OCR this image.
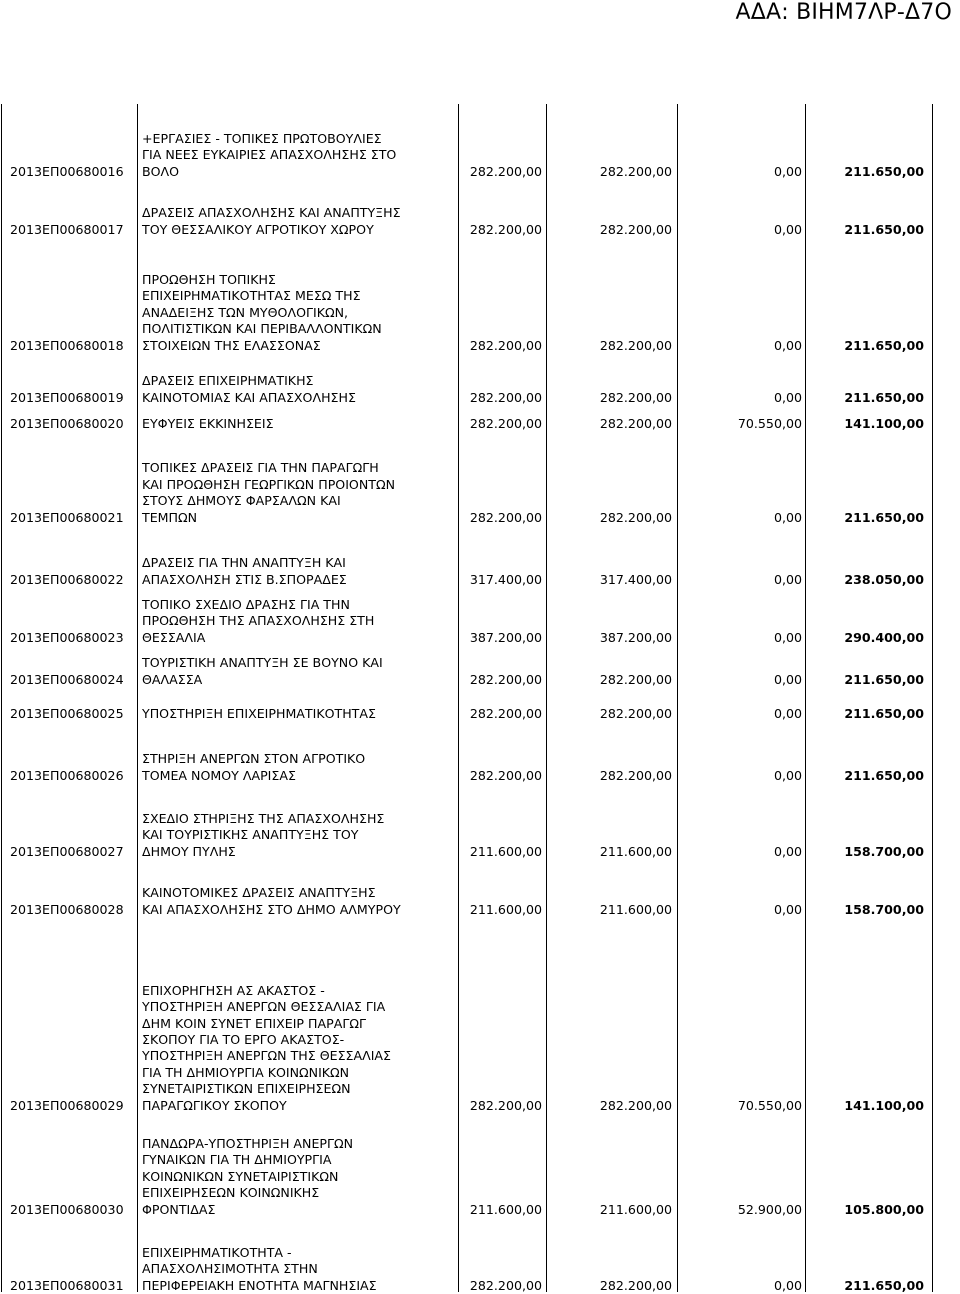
ΑΔΑ: ΒΙΗΜ7ΛΡ-Δ7Ο
2013ΕΠ00680016
+ΕΡΓΑΣΙΕΣ - ΤΟΠΙΚΕΣ ΠΡΩΤΟΒΟΥΛΙΕΣ
ΓΙΑ ΝΕΕΣ ΕΥΚΑΙΡΙΕΣ ΑΠΑΣΧΟΛΗΣΗΣ ΣΤΟ
ΒΟΛΟ	282.200,00	282.200,00	0,00	211.650,00
2013ΕΠ00680017
ΔΡΑΣΕΙΣ ΑΠΑΣΧΟΛΗΣΗΣ ΚΑΙ ΑΝΑΠΤΥΞΗΣ
ΤΟΥ ΘΕΣΣΑΛΙΚΟΥ ΑΓΡΟΤΙΚΟΥ ΧΩΡΟΥ	282.200,00	282.200,00	0,00	211.650,00
2013ΕΠ00680018
ΠΡΟΩΘΗΣΗ ΤΟΠΙΚΗΣ
ΕΠΙΧΕΙΡΗΜΑΤΙΚΟΤΗΤΑΣ ΜΕΣΩ ΤΗΣ
ΑΝΑΔΕΙΞΗΣ ΤΩΝ ΜΥΘΟΛΟΓΙΚΩΝ,
ΠΟΛΙΤΙΣΤΙΚΩΝ ΚΑΙ ΠΕΡΙΒΑΛΛΟΝΤΙΚΩΝ
ΣΤΟΙΧΕΙΩΝ ΤΗΣ ΕΛΑΣΣΟΝΑΣ	282.200,00	282.200,00	0,00	211.650,00
2013ΕΠ00680019
ΔΡΑΣΕΙΣ ΕΠΙΧΕΙΡΗΜΑΤΙΚΗΣ
ΚΑΙΝΟΤΟΜΙΑΣ ΚΑΙ ΑΠΑΣΧΟΛΗΣΗΣ	282.200,00	282.200,00	0,00	211.650,00
2013ΕΠ00680020	ΕΥΦΥΕΙΣ ΕΚΚΙΝΗΣΕΙΣ	282.200,00	282.200,00	70.550,00	141.100,00
2013ΕΠ00680021
ΤΟΠΙΚΕΣ ΔΡΑΣΕΙΣ ΓΙΑ ΤΗΝ ΠΑΡΑΓΩΓΗ
ΚΑΙ ΠΡΟΩΘΗΣΗ ΓΕΩΡΓΙΚΩΝ ΠΡΟΙΟΝΤΩΝ
ΣΤΟΥΣ ΔΗΜΟΥΣ ΦΑΡΣΑΛΩΝ ΚΑΙ
ΤΕΜΠΩΝ	282.200,00	282.200,00	0,00	211.650,00
2013ΕΠ00680022
ΔΡΑΣΕΙΣ ΓΙΑ ΤΗΝ ΑΝΑΠΤΥΞΗ ΚΑΙ
ΑΠΑΣΧΟΛΗΣΗ ΣΤΙΣ Β.ΣΠΟΡΑΔΕΣ	317.400,00	317.400,00	0,00	238.050,00
2013ΕΠ00680023
ΤΟΠΙΚΟ ΣΧΕΔΙΟ ΔΡΑΣΗΣ ΓΙΑ ΤΗΝ
ΠΡΟΩΘΗΣΗ ΤΗΣ ΑΠΑΣΧΟΛΗΣΗΣ ΣΤΗ
ΘΕΣΣΑΛΙΑ	387.200,00	387.200,00	0,00	290.400,00
2013ΕΠ00680024
ΤΟΥΡΙΣΤΙΚΗ ΑΝΑΠΤΥΞΗ ΣΕ ΒΟΥΝΟ ΚΑΙ
ΘΑΛΑΣΣΑ	282.200,00	282.200,00	0,00	211.650,00
2013ΕΠ00680025	ΥΠΟΣΤΗΡΙΞΗ ΕΠΙΧΕΙΡΗΜΑΤΙΚΟΤΗΤΑΣ	282.200,00	282.200,00	0,00	211.650,00
2013ΕΠ00680026
ΣΤΗΡΙΞΗ ΑΝΕΡΓΩΝ ΣΤΟΝ ΑΓΡΟΤΙΚΟ
ΤΟΜΕΑ ΝΟΜΟΥ ΛΑΡΙΣΑΣ	282.200,00	282.200,00	0,00	211.650,00
2013ΕΠ00680027
ΣΧΕΔΙΟ ΣΤΗΡΙΞΗΣ ΤΗΣ ΑΠΑΣΧΟΛΗΣΗΣ
ΚΑΙ ΤΟΥΡΙΣΤΙΚΗΣ ΑΝΑΠΤΥΞΗΣ ΤΟΥ
ΔΗΜΟΥ ΠΥΛΗΣ	211.600,00	211.600,00	0,00	158.700,00
2013ΕΠ00680028
ΚΑΙΝΟΤΟΜΙΚΕΣ ΔΡΑΣΕΙΣ ΑΝΑΠΤΥΞΗΣ
ΚΑΙ ΑΠΑΣΧΟΛΗΣΗΣ ΣΤΟ ΔΗΜΟ ΑΛΜΥΡΟΥ	211.600,00	211.600,00	0,00	158.700,00
2013ΕΠ00680029
ΕΠΙΧΟΡΗΓΗΣΗ ΑΣ ΑΚΑΣΤΟΣ -
ΥΠΟΣΤΗΡΙΞΗ ΑΝΕΡΓΩΝ ΘΕΣΣΑΛΙΑΣ ΓΙΑ
ΔΗΜ ΚΟΙΝ ΣΥΝΕΤ ΕΠΙΧΕΙΡ ΠΑΡΑΓΩΓ
ΣΚΟΠΟΥ ΓΙΑ ΤΟ ΕΡΓΟ ΑΚΑΣΤΟΣ-
ΥΠΟΣΤΗΡΙΞΗ ΑΝΕΡΓΩΝ ΤΗΣ ΘΕΣΣΑΛΙΑΣ
ΓΙΑ ΤΗ ΔΗΜΙΟΥΡΓΙΑ ΚΟΙΝΩΝΙΚΩΝ
ΣΥΝΕΤΑΙΡΙΣΤΙΚΩΝ ΕΠΙΧΕΙΡΗΣΕΩΝ
ΠΑΡΑΓΩΓΙΚΟΥ ΣΚΟΠΟΥ	282.200,00	282.200,00	70.550,00	141.100,00
2013ΕΠ00680030
ΠΑΝΔΩΡΑ-ΥΠΟΣΤΗΡΙΞΗ ΑΝΕΡΓΩΝ
ΓΥΝΑΙΚΩΝ ΓΙΑ ΤΗ ΔΗΜΙΟΥΡΓΙΑ
ΚΟΙΝΩΝΙΚΩΝ ΣΥΝΕΤΑΙΡΙΣΤΙΚΩΝ
ΕΠΙΧΕΙΡΗΣΕΩΝ ΚΟΙΝΩΝΙΚΗΣ
ΦΡΟΝΤΙΔΑΣ	211.600,00	211.600,00	52.900,00	105.800,00
2013ΕΠ00680031
ΕΠΙΧΕΙΡΗΜΑΤΙΚΟΤΗΤΑ -
ΑΠΑΣΧΟΛΗΣΙΜΟΤΗΤΑ ΣΤΗΝ
ΠΕΡΙΦΕΡΕΙΑΚΗ ΕΝΟΤΗΤΑ ΜΑΓΝΗΣΙΑΣ	282.200,00	282.200,00	0,00	211.650,00
